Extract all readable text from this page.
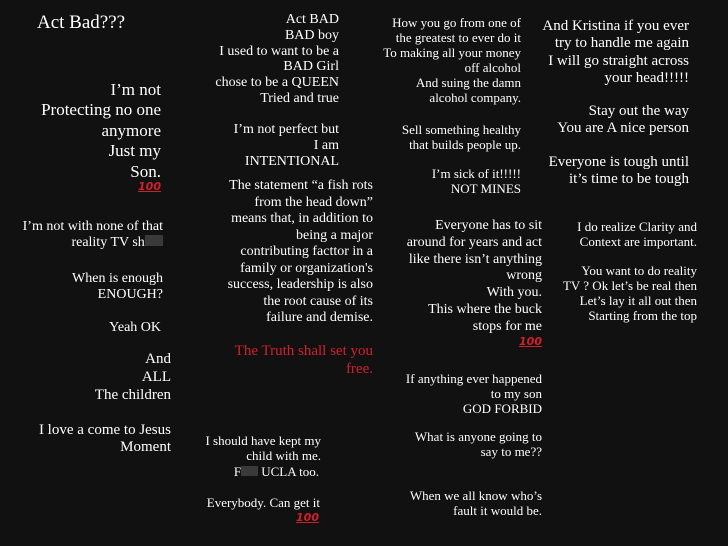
Act Bad???
I’m not
Protecting no one
anymore
Just my
Son.
100
I’m not with none of that
reality TV sh
When is enough
ENOUGH?
Yeah OK
And
ALL
The children
I love a come to Jesus
Moment
Act BAD
BAD boy
I used to want to be a
BAD Girl
chose to be a QUEEN
Tried and true
I’m not perfect but
I am
INTENTIONAL
The statement “a fish rots
from the head down”
means that, in addition to
being a major
contributing facttor in a
family or organization's
success, leadership is also
the root cause of its
failure and demise.
The Truth shall set you
free.
I should have kept my
child with me.
F UCLA too.
Everybody. Can get it
100
How you go from one of
the greatest to ever do it
To making all your money
off alcohol
And suing the damn
alcohol company.
Sell something healthy
that builds people up.
I’m sick of it!!!!!
NOT MINES
Everyone has to sit
around for years and act
like there isn’t anything
wrong
With you.
This where the buck
stops for me
100
If anything ever happened
to my son
GOD FORBID
What is anyone going to
say to me??
When we all know who’s
fault it would be.
And Kristina if you ever
try to handle me again
I will go straight across
your head!!!!!
Stay out the way
You are A nice person
Everyone is tough until
it’s time to be tough
I do realize Clarity and
Context are important.
You want to do reality
TV ? Ok let’s be real then
Let’s lay it all out then
Starting from the top
